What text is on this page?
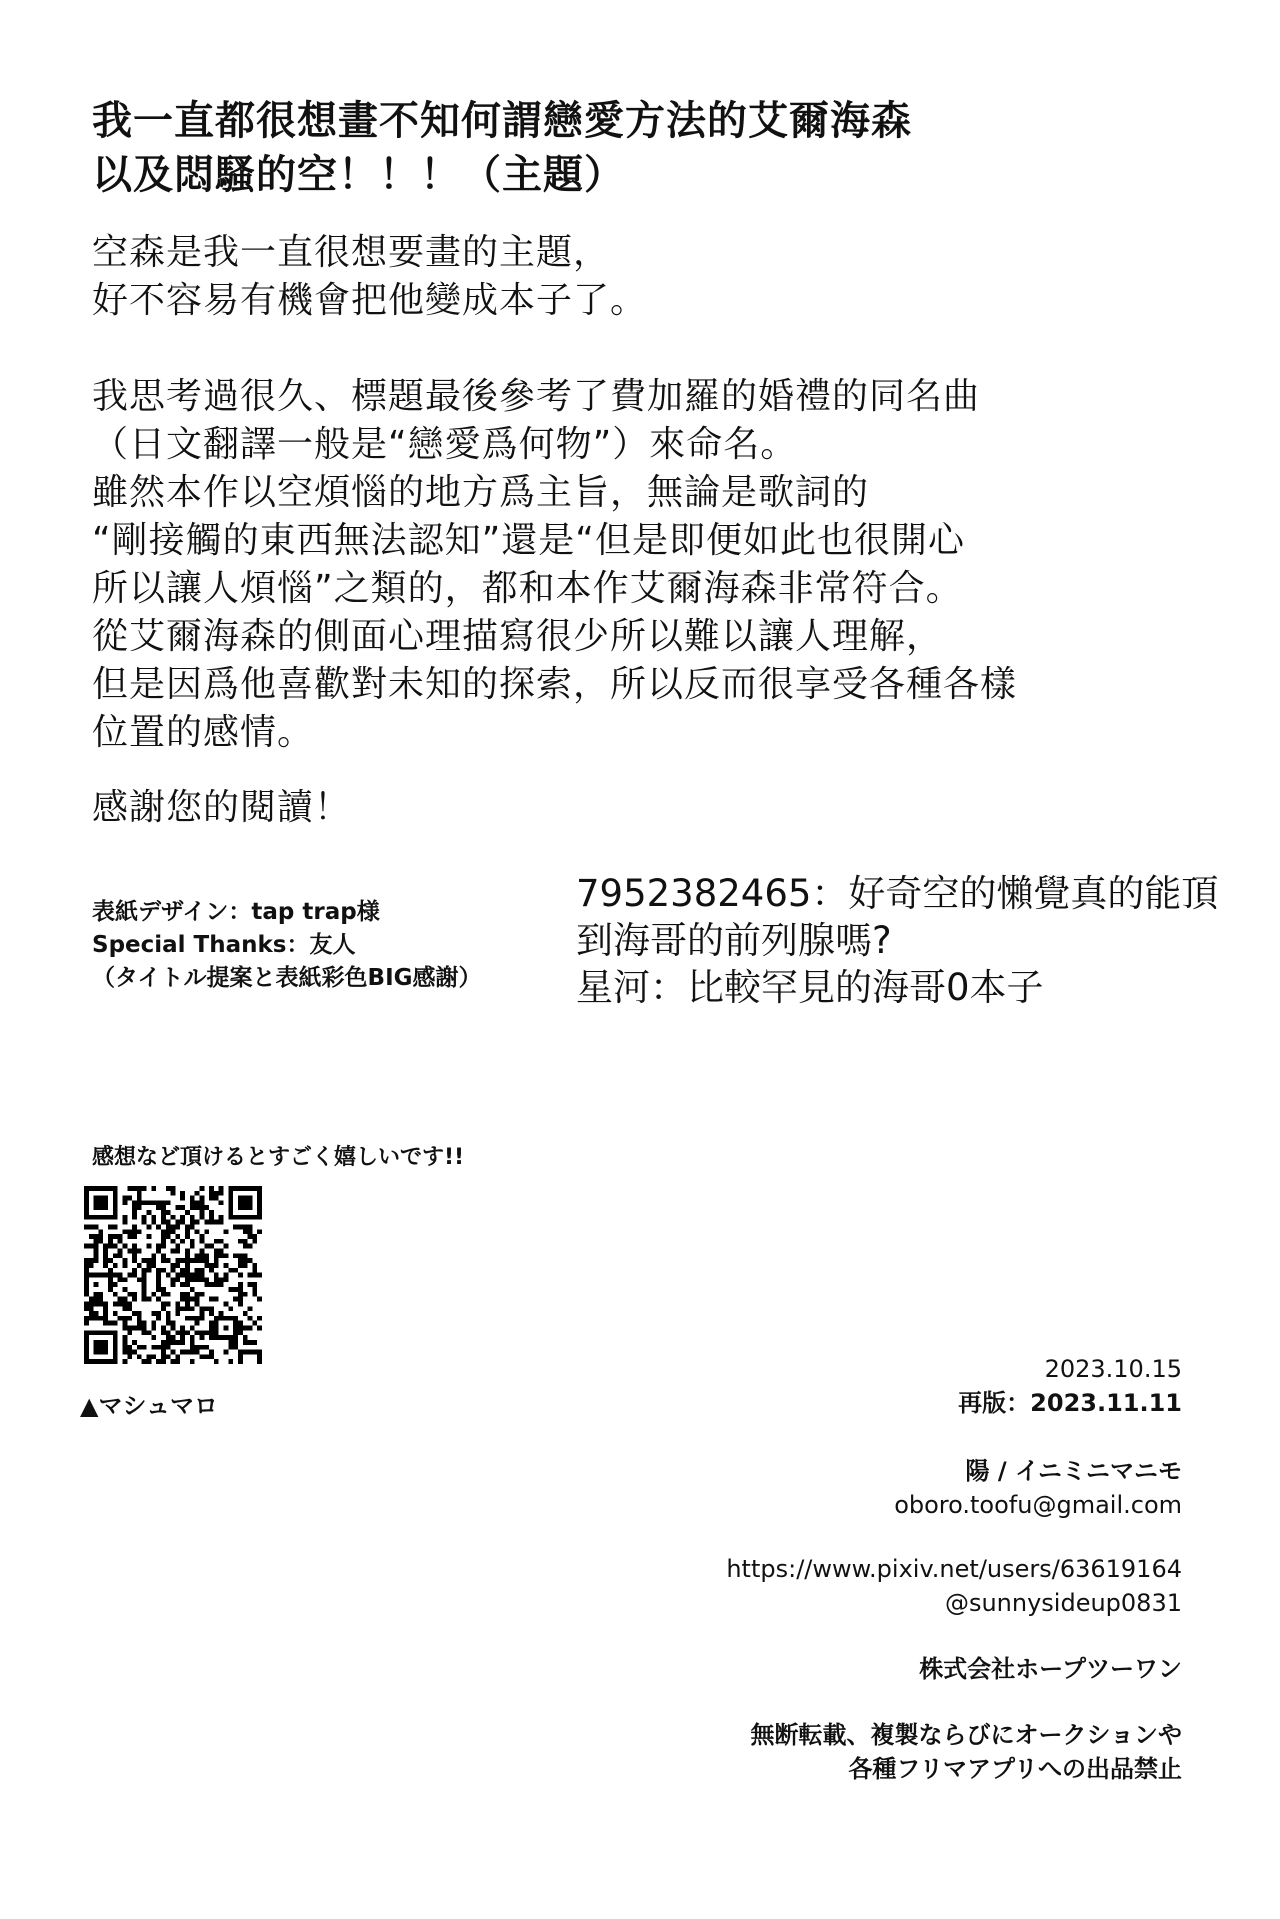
我一直都很想畫不知何謂戀愛方法的艾爾海森
以及悶騷的空！！！（主題）
空森是我一直很想要畫的主題，
好不容易有機會把他變成本子了。
我思考過很久、標題最後參考了費加羅的婚禮的同名曲
（日文翻譯一般是“戀愛爲何物”）來命名。
雖然本作以空煩惱的地方爲主旨，無論是歌詞的
“剛接觸的東西無法認知”還是“但是即便如此也很開心
所以讓人煩惱”之類的，都和本作艾爾海森非常符合。
從艾爾海森的側面心理描寫很少所以難以讓人理解，
但是因爲他喜歡對未知的探索，所以反而很享受各種各樣
位置的感情。
感謝您的閱讀！
表紙デザイン：tap trap様
Special Thanks：友人
（タイトル提案と表紙彩色BIG感謝）
7952382465：好奇空的懶覺真的能頂
到海哥的前列腺嗎?
星河：比較罕見的海哥0本子
感想など頂けるとすごく嬉しいです!!
▲マシュマロ
2023.10.15
再版：2023.11.11
陽 / イニミニマニモ
oboro.toofu@gmail.com
https://www.pixiv.net/users/63619164
@sunnysideup0831
株式会社ホープツーワン
無断転載、複製ならびにオークションや
各種フリマアプリへの出品禁止
